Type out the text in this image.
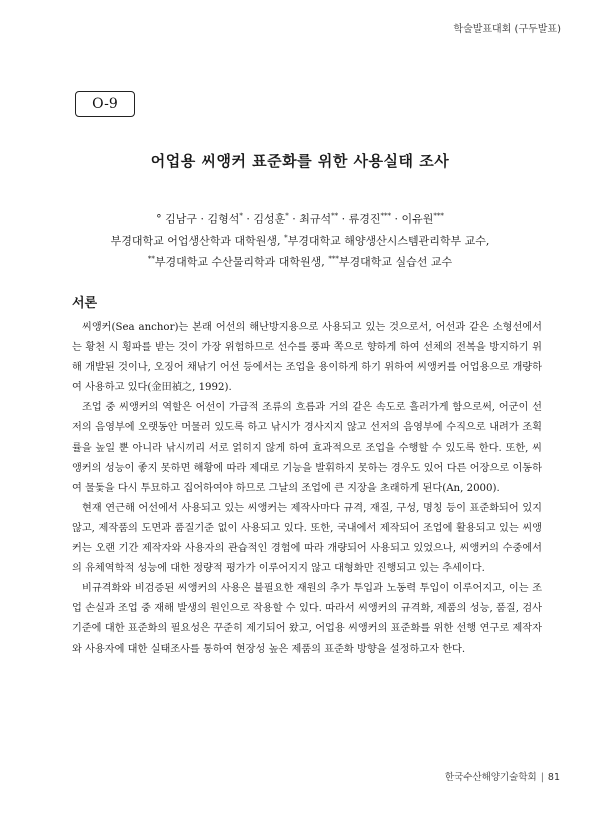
학술발표대회 (구두발표)
O-9
어업용 씨앵커 표준화를 위한 사용실태 조사
° 김남구 · 김형석* · 김성훈* · 최규석** · 류경진*** · 이유원***
부경대학교 어업생산학과 대학원생, *부경대학교 해양생산시스템관리학부 교수,
**부경대학교 수산물리학과 대학원생, ***부경대학교 실습선 교수
서론

씨앵커(Sea anchor)는 본래 어선의 해난방지용으로 사용되고 있는 것으로서, 어선과 같은 소형선에서는 황천 시 횡파를 받는 것이 가장 위험하므로 선수를 풍파 쪽으로 향하게 하여 선체의 전복을 방지하기 위해 개발된 것이나, 오징어 채낚기 어선 등에서는 조업을 용이하게 하기 위하여 씨앵커를 어업용으로 개량하여 사용하고 있다(金田禎之, 1992).

조업 중 씨앵커의 역할은 어선이 가급적 조류의 흐름과 거의 같은 속도로 흘러가게 함으로써, 어군이 선저의 음영부에 오랫동안 머물러 있도록 하고 낚시가 경사지지 않고 선저의 음영부에 수직으로 내려가 조획률을 높일 뿐 아니라 낚시끼리 서로 얽히지 않게 하여 효과적으로 조업을 수행할 수 있도록 한다. 또한, 씨앵커의 성능이 좋지 못하면 해황에 따라 제대로 기능을 발휘하지 못하는 경우도 있어 다른 어장으로 이동하여 물돛을 다시 투묘하고 집어하여야 하므로 그날의 조업에 큰 지장을 초래하게 된다(An, 2000).

현재 연근해 어선에서 사용되고 있는 씨앵커는 제작사마다 규격, 재질, 구성, 명칭 등이 표준화되어 있지 않고, 제작품의 도면과 품질기준 없이 사용되고 있다. 또한, 국내에서 제작되어 조업에 활용되고 있는 씨앵커는 오랜 기간 제작자와 사용자의 관습적인 경험에 따라 개량되어 사용되고 있었으나, 씨앵커의 수중에서의 유체역학적 성능에 대한 정량적 평가가 이루어지지 않고 대형화만 진행되고 있는 추세이다.

비규격화와 비검증된 씨앵커의 사용은 불필요한 재원의 추가 투입과 노동력 투입이 이루어지고, 이는 조업 손실과 조업 중 재해 발생의 원인으로 작용할 수 있다. 따라서 씨앵커의 규격화, 제품의 성능, 품질, 검사 기준에 대한 표준화의 필요성은 꾸준히 제기되어 왔고, 어업용 씨앵커의 표준화를 위한 선행 연구로 제작자와 사용자에 대한 실태조사를 통하여 현장성 높은 제품의 표준화 방향을 설정하고자 한다.

한국수산해양기술학회 | 81
